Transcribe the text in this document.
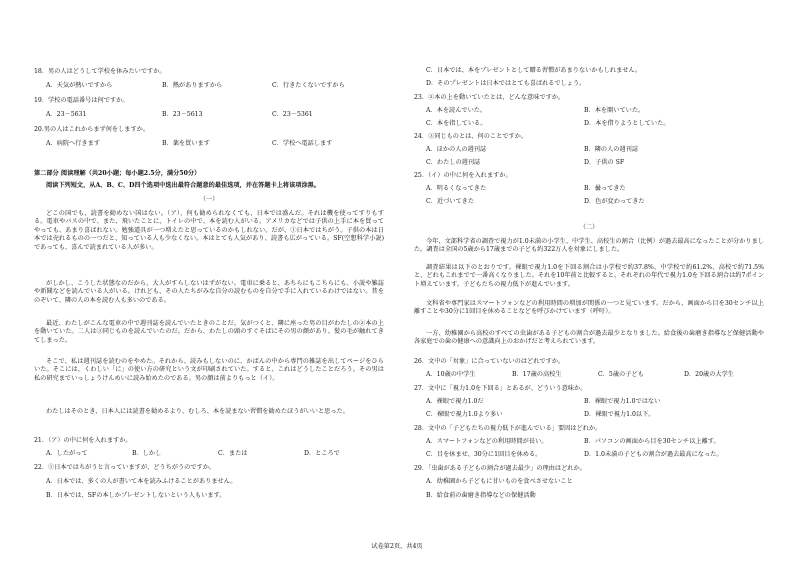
18．男の人はどうして学校を休みたいですか。
A．天気が熱いですから	B．熱がありますから	C．行きたくないですから
19．学校の電話番号は何ですか。
A．23－5631	B．23－5613	C．23－5361
20.男の人はこれからまず何をしますか。
A．病院へ行きます	B．薬を買います	C．学校へ電話します
第二部分 阅读理解（共20小题；每小题2.5分，满分50分）
阅读下列短文，从A、B、C、D四个选项中选出最符合题意的最佳选项，并在答题卡上将该项涂黑。
（一）
どこの国でも、読書を勧めない国はない。（ア）、何も勧められなくても、日本では盛んだ。それは機を使ってすりもする。電車やバスの中で、また、飛いたことに、トイレの中で、本を読む人がいる。アメリカなどでは子供の上手に本を買ってやっても、あまり喜ばれない。勉強道具が一つ増えたと思っているのかもしれない。だが、①日本ではちがう。子供の本は日本では売れるものの一つだと、知っている人も少なくない。本はとても人気があり、読書も広がっている。SF(空想科学小説)であっても、喜んで読まれている人が多い。
がしかし、こうした状態なのだから、大人がすらしないはずがない。電車に乗ると、あちらにもこちらにも、小説や雑誌や新聞などを読んでいる人がいる。けれども、その人たちがみな自分の読むものを自分で手に入れているわけではない。昔をのぞいて、隣の人の本を読む人も多いのである。
最近、わたしがこんな電車の中で週刊誌を読んでいたときのことだ。気がつくと、隣に座った男の目がわたしの②本の上を動いていた。二人は③同じものを読んでいたのだ。だから、わたしの頭のすぐそばにその男の顔があり、髪の毛が触れてきてしまった。
そこで、私は週刊誌を読むのをやめた。それから、読みもしないのに、かばんの中から専門の雑誌を出してページをひらいた。そこには、くわしい「に」の使い方の研究という文が印刷されていた。すると、これはどうしたことだろう。その男は私の研究までいっしょうけんめいに読み始めたのである。男の顔は前よりもっと（イ）。
わたしはそのとき、日本人には読書を勧めるより、むしろ、本を読まない習慣を勧めたほうがいいと思った。
21．（ア）の中に何を入れますか。
A．したがって	B．しかし	C．または	D．ところで
22．①日本ではちがうと言っていますが、どうちがうのですか。
A．日本では、多くの人が書いて本を読みふけることがありません。
B．日本では、SFの本しかプレゼントしないという人もいます。
C．日本では、本をプレゼントとして贈る習慣があまりないかもしれません。
D．そのプレゼントは日本ではとても喜ばれるでしょう。
23．②本の上を動いていたとは、どんな意味ですか。
A．本を読んでいた。	B．本を開いていた。
C．本を指している。	D．本を借りようとしていた。
24．③同じものとは、何のことですか。
A．ほかの人の週刊誌	B．隣の人の週刊誌
C．わたしの週刊誌	D．子供の SF
25．（イ）の中に何を入れますか。
A．明るくなってきた	B．曇ってきた
C．近づいてきた	D．色が変わってきた
（二）
今年、文部科学省の調査で視力が1.0未満の小学生、中学生、高校生の割合（比例）が過去最高になったことが分かりました。調査は全国の5歳から17歳までの子ども約322万人を対象にしました。
調査結果は以下のとおりです。裸眼で視力1.0を下回る割合は小学校で約37.8%、中学校で約61.2%、高校で約71.5%と、どれもこれまでで一番高くなりました。それを10年前と比較すると、それぞれの年代で視力1.0を下回る割合は約7ポイント増えています。子どもたちの視力低下が進んでいます。
文科省や専門家はスマートフォンなどの利用時間の増加が関係の一つと見ています。だから、画面から目を30センチ以上離すことや30分に1回目を休めることなどを呼びかけています（呼吁）。
一方、幼稚園から高校のすべての虫歯がある子どもの割合が過去最少となりました。給食後の歯磨き指導など保健活動や各家庭での歯の健康への意識向上のおかげだと考えられています。
26．文中の「対象」に合っていないのはどれですか。
A．10歳の中学生	B．17歳の高校生	C．5歳の子ども	D．20歳の大学生
27．文中に「視力1.0を下回る」とあるが、どういう意味か。
A．裸眼で視力1.0だ	B．裸眼で視力1.0ではない
C．裸眼で視力1.0より多い	D．裸眼で視力1.0以下。
28．文中の「子どもたちの視力低下が進んでいる」要因はどれか。
A．スマートフォンなどの利用時間が長い。	B．パソコンの画面から目を30センチ以上離す。
C．目を休ませ、30分に1回目を休める。	D．1.0未満の子どもの割合が過去最高になった。
29．「虫歯がある子どもの割合が過去最少」の理由はどれか。
A．幼稚園から子どもに甘いものを食べさせないこと
B．給食前の歯磨き指導などの保健活動
试卷第2页，共4页
